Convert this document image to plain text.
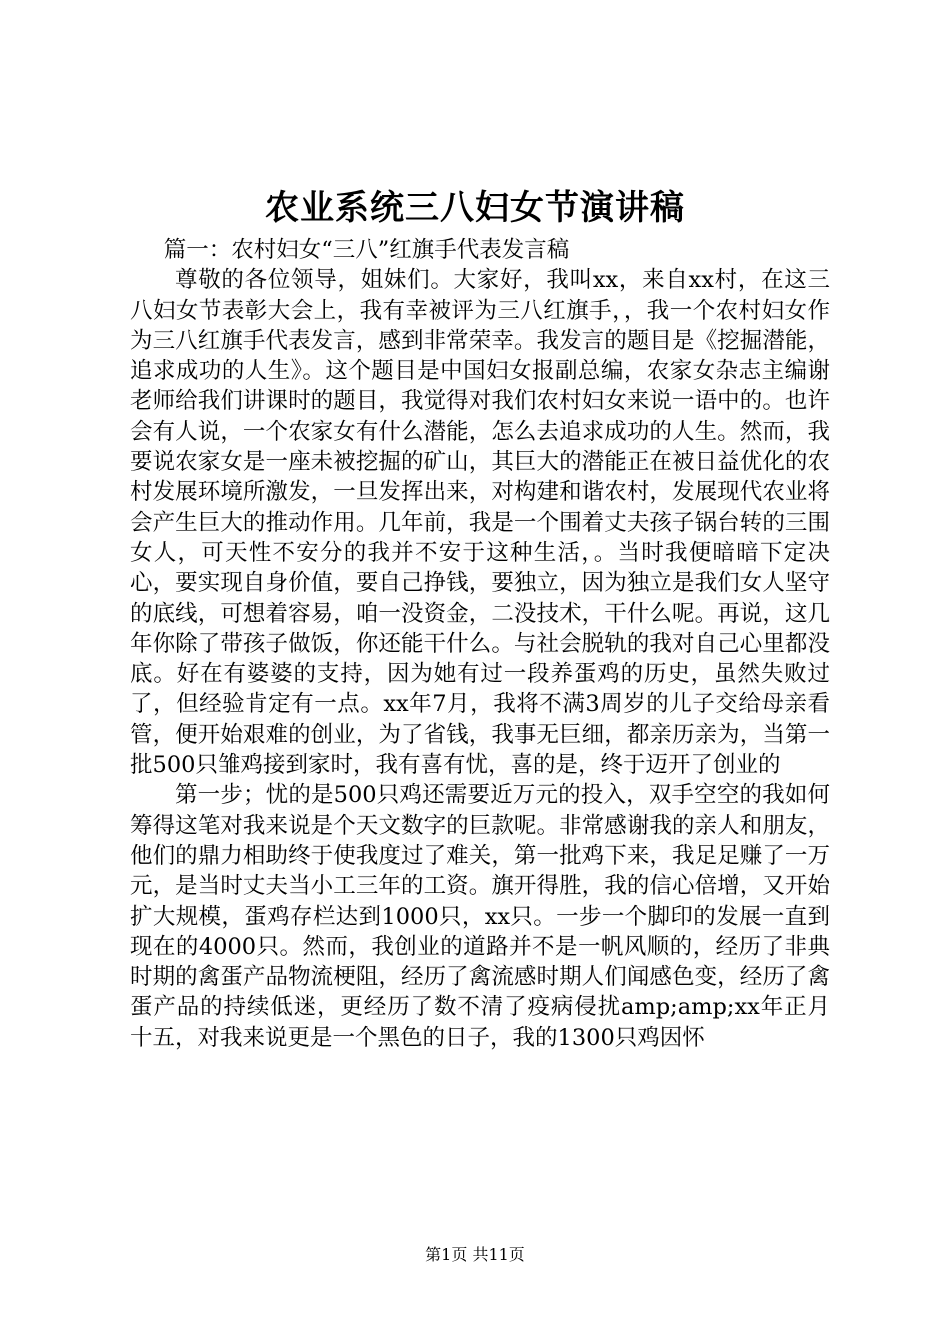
农业系统三八妇女节演讲稿

篇一：农村妇女“三八”红旗手代表发言稿

尊敬的各位领导，姐妹们。大家好，我叫xx，来自xx村，在这三八妇女节表彰大会上，我有幸被评为三八红旗手，，我一个农村妇女作为三八红旗手代表发言，感到非常荣幸。我发言的题目是《挖掘潜能，追求成功的人生》。这个题目是中国妇女报副总编，农家女杂志主编谢老师给我们讲课时的题目，我觉得对我们农村妇女来说一语中的。也许会有人说，一个农家女有什么潜能，怎么去追求成功的人生。然而，我要说农家女是一座未被挖掘的矿山，其巨大的潜能正在被日益优化的农村发展环境所激发，一旦发挥出来，对构建和谐农村，发展现代农业将会产生巨大的推动作用。几年前，我是一个围着丈夫孩子锅台转的三围女人，可天性不安分的我并不安于这种生活，。当时我便暗暗下定决心，要实现自身价值，要自己挣钱，要独立，因为独立是我们女人坚守的底线，可想着容易，咱一没资金，二没技术，干什么呢。再说，这几年你除了带孩子做饭，你还能干什么。与社会脱轨的我对自己心里都没底。好在有婆婆的支持，因为她有过一段养蛋鸡的历史，虽然失败过了，但经验肯定有一点。xx年7月，我将不满3周岁的儿子交给母亲看管，便开始艰难的创业，为了省钱，我事无巨细，都亲历亲为，当第一批500只雏鸡接到家时，我有喜有忧，喜的是，终于迈开了创业的

第一步；忧的是500只鸡还需要近万元的投入，双手空空的我如何筹得这笔对我来说是个天文数字的巨款呢。非常感谢我的亲人和朋友，他们的鼎力相助终于使我度过了难关，第一批鸡下来，我足足赚了一万元，是当时丈夫当小工三年的工资。旗开得胜，我的信心倍增，又开始扩大规模，蛋鸡存栏达到1000只，xx只。一步一个脚印的发展一直到现在的4000只。然而，我创业的道路并不是一帆风顺的，经历了非典时期的禽蛋产品物流梗阻，经历了禽流感时期人们闻感色变，经历了禽蛋产品的持续低迷，更经历了数不清了疫病侵扰amp;amp;xx年正月十五，对我来说更是一个黑色的日子，我的1300只鸡因怀

第1页 共11页
